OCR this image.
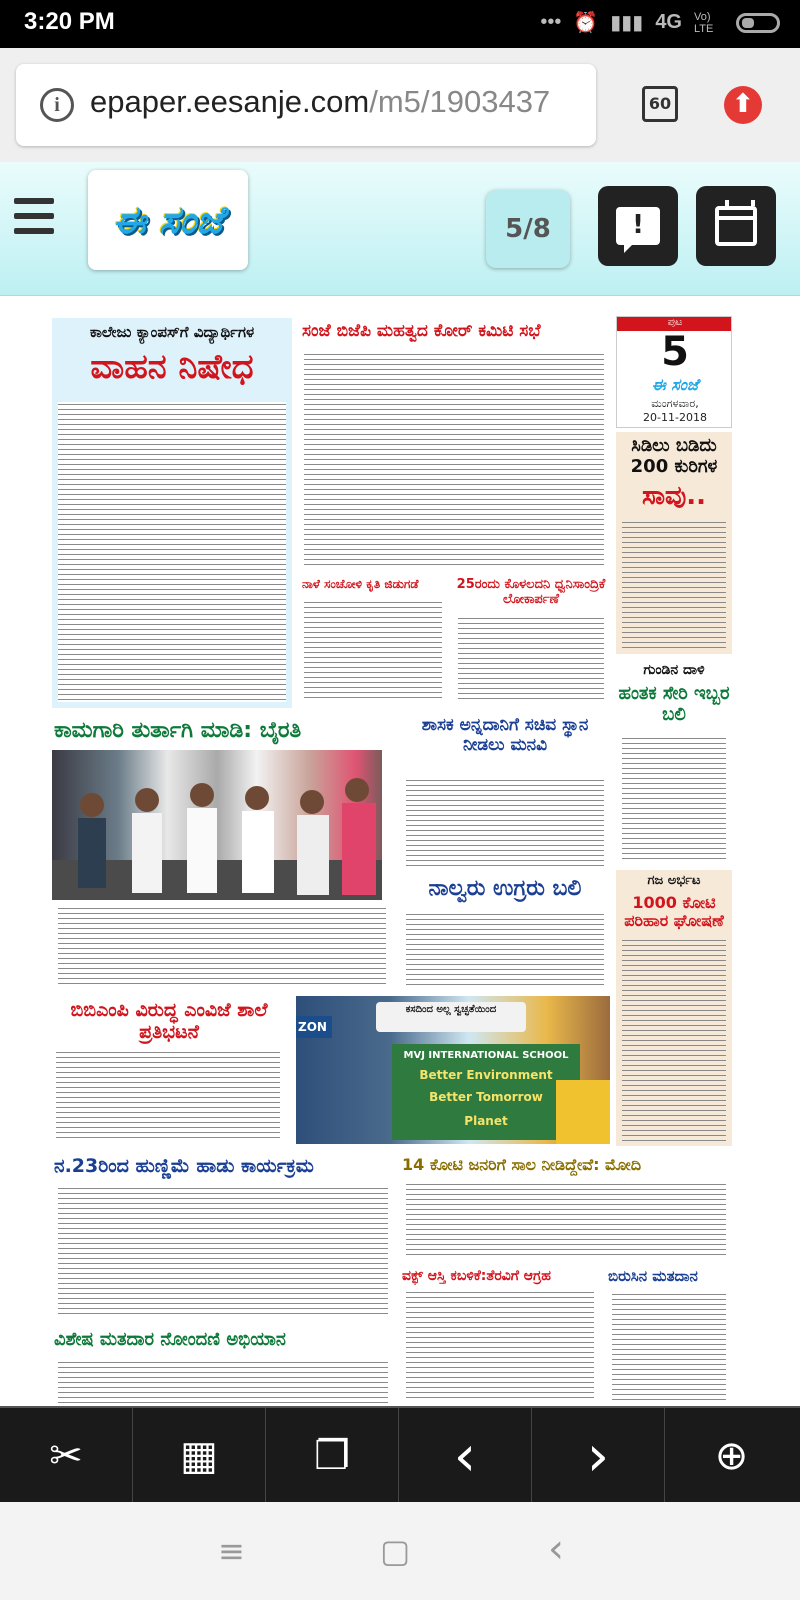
3:20 PM	••• ⏰ ▮▮▮ 4G Vo) LTE
i epaper.eesanje.com/m5/1903437	60	⬆
ಈ ಸಂಜೆ	5/8	!
ಕಾಲೇಜು ಕ್ಯಾಂಪಸ್‌ಗೆ ವಿದ್ಯಾರ್ಥಿಗಳ
ವಾಹನ ನಿಷೇಧ
ಸಂಜೆ ಬಿಜೆಪಿ ಮಹತ್ವದ ಕೋರ್ ಕಮಿಟಿ ಸಭೆ	ಪುಟ
5
ಈ ಸಂಜೆ
ಮಂಗಳವಾರ,
20-11-2018
ಸಿಡಿಲು ಬಡಿದು 200 ಕುರಿಗಳ
ಸಾವು..
ನಾಳೆ ಸಂಚೋಳಿ ಕೃತಿ ಜಿಡುಗಡೆ	25ರಂದು ಕೊಳಲದನಿ ಧ್ವನಿಸಾಂದ್ರಿಕೆ ಲೋಕಾರ್ಪಣೆ
ಗುಂಡಿನ ದಾಳಿ
ಹಂತಕ ಸೇರಿ ಇಬ್ಬರ ಬಲಿ
ಕಾಮಗಾರಿ ತುರ್ತಾಗಿ ಮಾಡಿ: ಬೈರತಿ	ಶಾಸಕ ಅನ್ನದಾನಿಗೆ ಸಚಿವ ಸ್ಥಾನ ನೀಡಲು ಮನವಿ
ನಾಲ್ವರು ಉಗ್ರರು ಬಲಿ	ಗಜ ಅರ್ಭಟ
1000 ಕೋಟಿ ಪರಿಹಾರ ಘೋಷಣೆ
ಬಿಬಿಎಂಪಿ ವಿರುದ್ಧ ಎಂವಿಜೆ ಶಾಲೆ ಪ್ರತಿಭಟನೆ
ಕಸದಿಂದ ಅಲ್ಲ ಸ್ವಚ್ಛತೆಯಿಂದ
ZON
MVJ INTERNATIONAL SCHOOL
Better Environment
Better Tomorrow
Planet
ನ.23ರಿಂದ ಹುಣ್ಣಿಮೆ ಹಾಡು ಕಾರ್ಯಕ್ರಮ	14 ಕೋಟಿ ಜನರಿಗೆ ಸಾಲ ನೀಡಿದ್ದೇವೆ: ಮೋದಿ
ವಕ್ಫ್ ಆಸ್ತಿ ಕಬಳಿಕೆ:ತೆರವಿಗೆ ಆಗ್ರಹ	ಬಿರುಸಿನ ಮತದಾನ
ವಿಶೇಷ ಮತದಾರ ನೋಂದಣಿ ಅಭಿಯಾನ
✂ ▦ ❐ ‹ ›	⊕
≡	▢	‹
